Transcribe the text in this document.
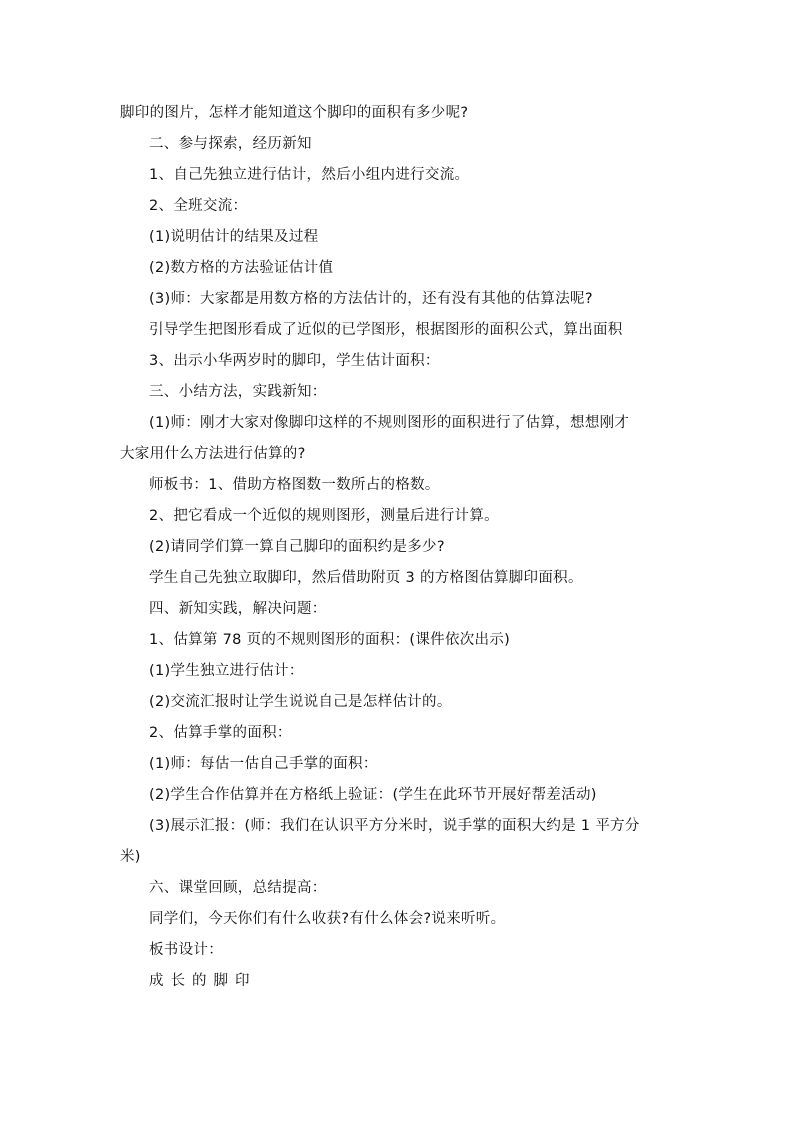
脚印的图片，怎样才能知道这个脚印的面积有多少呢?
二、参与探索，经历新知
1、自己先独立进行估计，然后小组内进行交流。
2、全班交流：
(1)说明估计的结果及过程
(2)数方格的方法验证估计值
(3)师：大家都是用数方格的方法估计的，还有没有其他的估算法呢?
引导学生把图形看成了近似的已学图形，根据图形的面积公式，算出面积
3、出示小华两岁时的脚印，学生估计面积：
三、小结方法，实践新知：
(1)师：刚才大家对像脚印这样的不规则图形的面积进行了估算，想想刚才
大家用什么方法进行估算的?
师板书：1、借助方格图数一数所占的格数。
2、把它看成一个近似的规则图形，测量后进行计算。
(2)请同学们算一算自己脚印的面积约是多少?
学生自己先独立取脚印，然后借助附页 3 的方格图估算脚印面积。
四、新知实践，解决问题：
1、估算第 78 页的不规则图形的面积：(课件依次出示)
(1)学生独立进行估计：
(2)交流汇报时让学生说说自己是怎样估计的。
2、估算手掌的面积：
(1)师：每估一估自己手掌的面积：
(2)学生合作估算并在方格纸上验证：(学生在此环节开展好帮差活动)
(3)展示汇报：(师：我们在认识平方分米时，说手掌的面积大约是 1 平方分
米)
六、课堂回顾，总结提高：
同学们，今天你们有什么收获?有什么体会?说来听听。
板书设计：
成长的脚印
